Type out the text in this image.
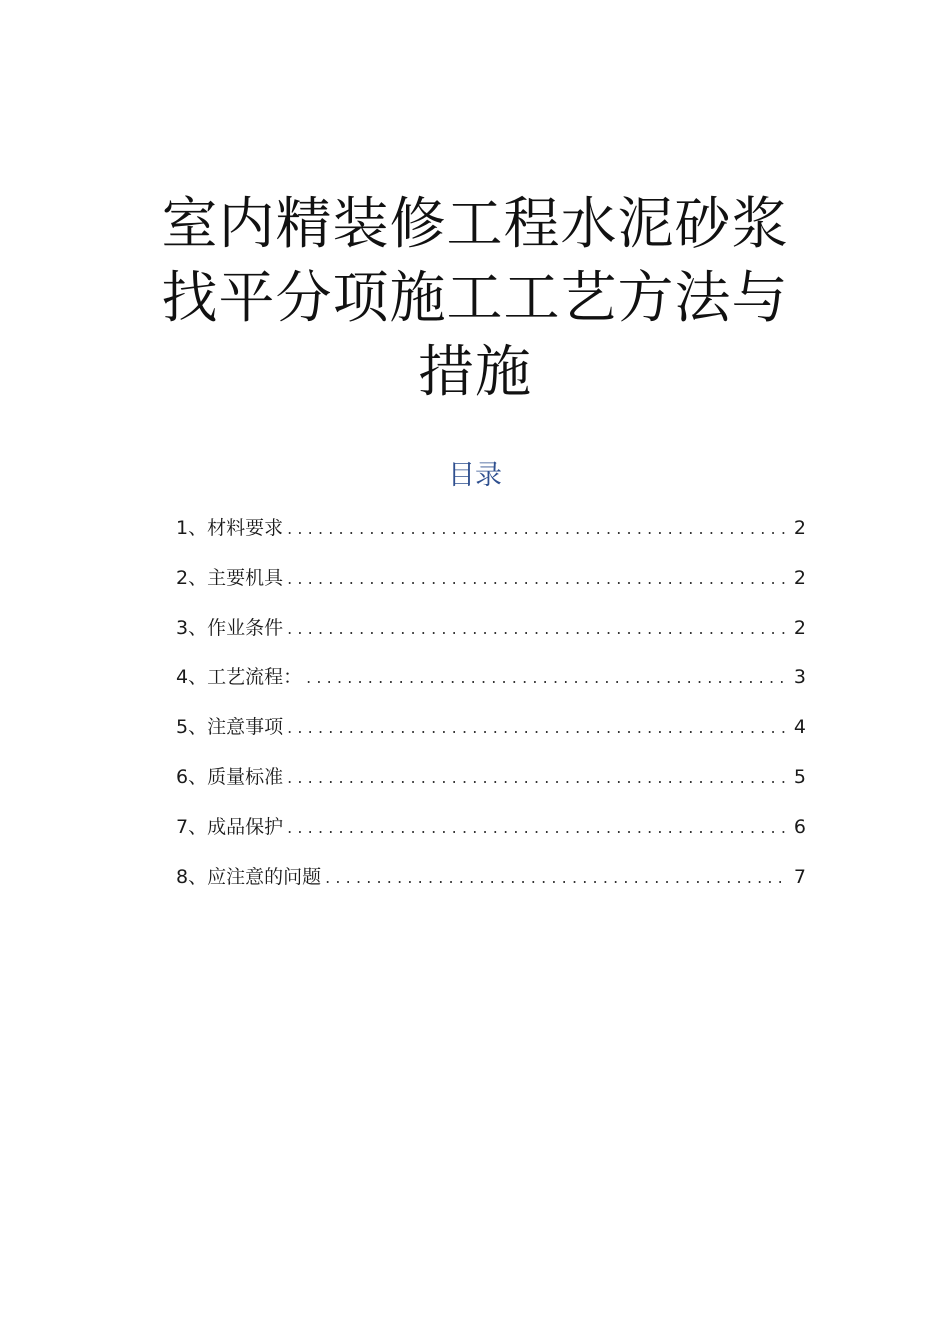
室内精装修工程水泥砂浆
找平分项施工工艺方法与
措施
目录
1、材料要求 .....	2
2、主要机具 .....	2
3、作业条件 .....	2
4、工艺流程： .....	3
5、注意事项 .....	4
6、质量标准 .....	5
7、成品保护 .....	6
8、应注意的问题 .....	7
